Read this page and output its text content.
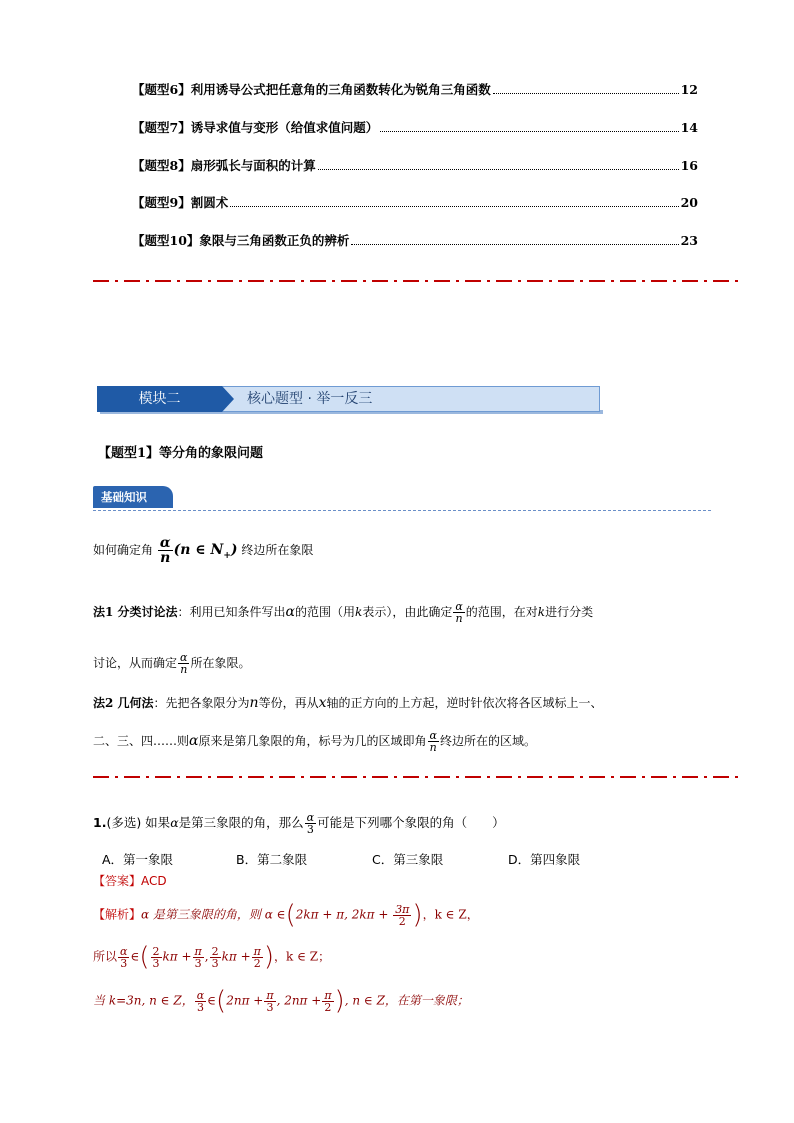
【题型6】利用诱导公式把任意角的三角函数转化为锐角三角函数	12
【题型7】诱导求值与变形（给值求值问题）	14
【题型8】扇形弧长与面积的计算	16
【题型9】割圆术	20
【题型10】象限与三角函数正负的辨析	23
模块二	核心题型 · 举一反三
【题型1】等分角的象限问题
基础知识
如何确定角 $\frac{\alpha}{n} (n$ ∈ $N_+$) 终边所在象限
法1 分类讨论法：利用已知条件写出α的范围（用k表示），由此确定 $\frac{\alpha}{n}$ 的范围，在对k进行分类
讨论，从而确定 $\frac{\alpha}{n}$ 所在象限。
法2 几何法：先把各象限分为n等份，再从x轴的正方向的上方起，逆时针依次将各区域标上一、
二、三、四……则α原来是第几象限的角，标号为几的区域即角 $\frac{\alpha}{n}$ 终边所在的区域。
1.(多选) 如果α是第三象限的角，那么 $\frac{\alpha}{3}$ 可能是下列哪个象限的角（　　）
A．第一象限	B．第二象限	C．第三象限	D．第四象限
【答案】ACD
【解析】α 是第三象限的角，则 α ∈(2kπ + π, $2k\pi + \frac{3\pi}{2}$ )，k ∈ Z，
所以 $\frac{\alpha}{3}$ ∈( $\frac{2}{3}$ $k\pi + \frac{\pi}{3}$ , $\frac{2}{3}$ $k\pi + \frac{\pi}{2}$ )，k ∈ Z；
当 k=3n, n ∈ Z， $\frac{\alpha}{3}$ ∈(2nπ + $\frac{\pi}{3}$ , $2n\pi + \frac{\pi}{2}$ ), n ∈ Z，在第一象限；
